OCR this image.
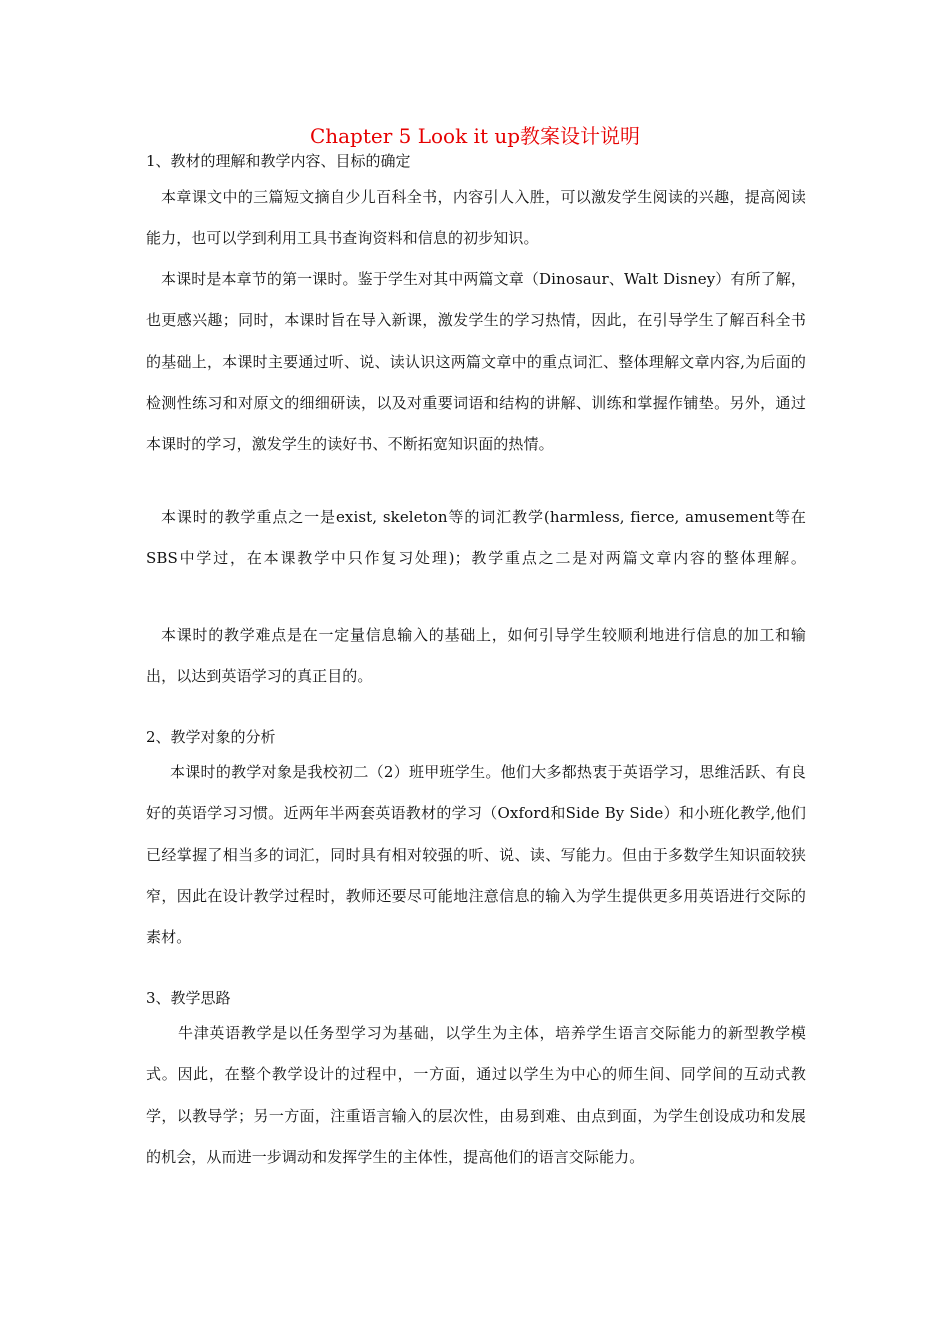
Chapter 5 Look it up教案设计说明
1、教材的理解和教学内容、目标的确定
本章课文中的三篇短文摘自少儿百科全书，内容引人入胜，可以激发学生阅读的兴趣，提高阅读能力，也可以学到利用工具书查询资料和信息的初步知识。
本课时是本章节的第一课时。鉴于学生对其中两篇文章（Dinosaur、Walt Disney）有所了解，也更感兴趣；同时，本课时旨在导入新课，激发学生的学习热情，因此，在引导学生了解百科全书的基础上，本课时主要通过听、说、读认识这两篇文章中的重点词汇、整体理解文章内容,为后面的检测性练习和对原文的细细研读，以及对重要词语和结构的讲解、训练和掌握作铺垫。另外，通过本课时的学习，激发学生的读好书、不断拓宽知识面的热情。
本课时的教学重点之一是exist, skeleton等的词汇教学(harmless, fierce, amusement等在SBS中学过，在本课教学中只作复习处理)；教学重点之二是对两篇文章内容的整体理解。
本课时的教学难点是在一定量信息输入的基础上，如何引导学生较顺利地进行信息的加工和输出，以达到英语学习的真正目的。
2、教学对象的分析
本课时的教学对象是我校初二（2）班甲班学生。他们大多都热衷于英语学习，思维活跃、有良好的英语学习习惯。近两年半两套英语教材的学习（Oxford和Side By Side）和小班化教学,他们已经掌握了相当多的词汇，同时具有相对较强的听、说、读、写能力。但由于多数学生知识面较狭窄，因此在设计教学过程时，教师还要尽可能地注意信息的输入为学生提供更多用英语进行交际的素材。
3、教学思路
牛津英语教学是以任务型学习为基础，以学生为主体，培养学生语言交际能力的新型教学模式。因此，在整个教学设计的过程中，一方面，通过以学生为中心的师生间、同学间的互动式教学，以教导学；另一方面，注重语言输入的层次性，由易到难、由点到面，为学生创设成功和发展的机会，从而进一步调动和发挥学生的主体性，提高他们的语言交际能力。
